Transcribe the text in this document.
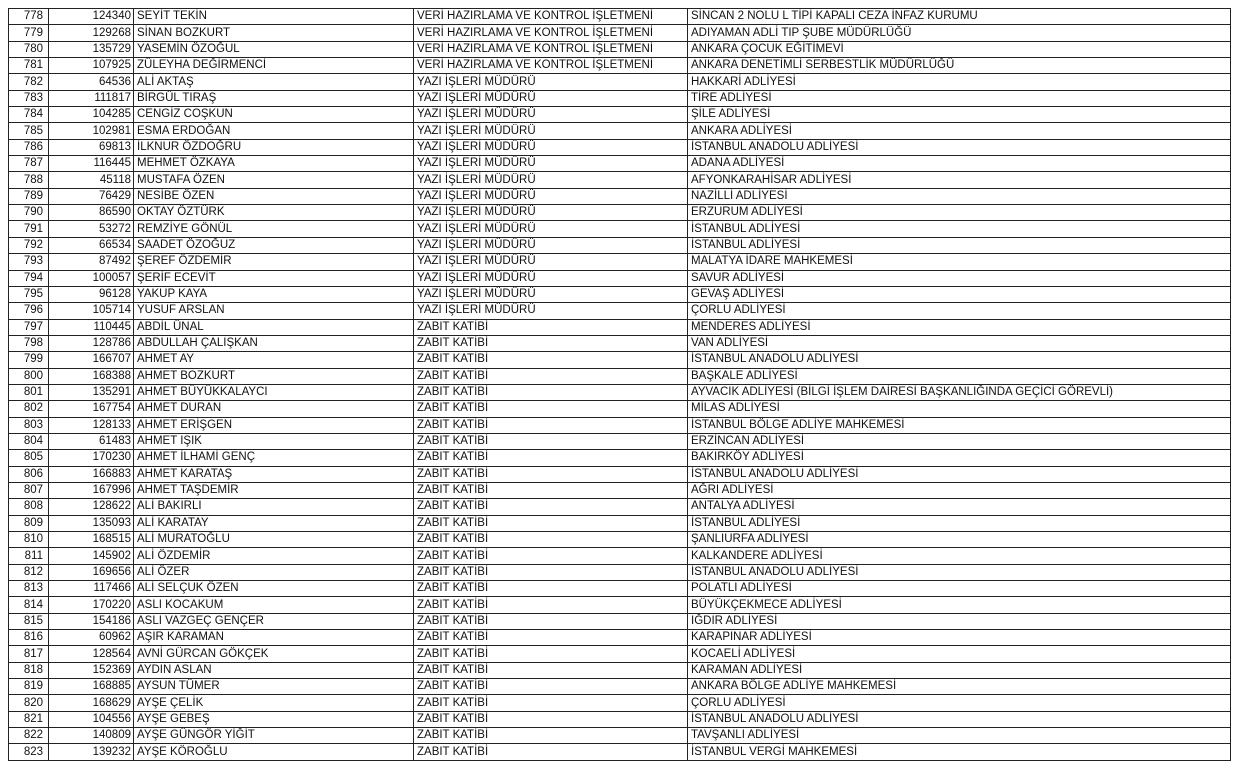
778	124340	SEYİT TEKİN	VERİ HAZIRLAMA VE KONTROL İŞLETMENİ	SİNCAN 2 NOLU L TİPİ KAPALI CEZA İNFAZ KURUMU
779	129268	SİNAN BOZKURT	VERİ HAZIRLAMA VE KONTROL İŞLETMENİ	ADIYAMAN ADLİ TIP ŞUBE MÜDÜRLÜĞÜ
780	135729	YASEMİN ÖZOĞUL	VERİ HAZIRLAMA VE KONTROL İŞLETMENİ	ANKARA ÇOCUK EĞİTİMEVİ
781	107925	ZÜLEYHA DEĞİRMENCİ	VERİ HAZIRLAMA VE KONTROL İŞLETMENİ	ANKARA DENETİMLİ SERBESTLİK MÜDÜRLÜĞÜ
782	64536	ALİ AKTAŞ	YAZI İŞLERİ MÜDÜRÜ	HAKKARİ ADLİYESİ
783	111817	BİRGÜL TIRAŞ	YAZI İŞLERİ MÜDÜRÜ	TİRE ADLİYESİ
784	104285	CENGİZ COŞKUN	YAZI İŞLERİ MÜDÜRÜ	ŞİLE ADLİYESİ
785	102981	ESMA ERDOĞAN	YAZI İŞLERİ MÜDÜRÜ	ANKARA ADLİYESİ
786	69813	İLKNUR ÖZDOĞRU	YAZI İŞLERİ MÜDÜRÜ	İSTANBUL ANADOLU ADLİYESİ
787	116445	MEHMET ÖZKAYA	YAZI İŞLERİ MÜDÜRÜ	ADANA ADLİYESİ
788	45118	MUSTAFA ÖZEN	YAZI İŞLERİ MÜDÜRÜ	AFYONKARAHİSAR ADLİYESİ
789	76429	NESİBE ÖZEN	YAZI İŞLERİ MÜDÜRÜ	NAZİLLİ ADLİYESİ
790	86590	OKTAY ÖZTÜRK	YAZI İŞLERİ MÜDÜRÜ	ERZURUM ADLİYESİ
791	53272	REMZİYE GÖNÜL	YAZI İŞLERİ MÜDÜRÜ	İSTANBUL ADLİYESİ
792	66534	SAADET ÖZOĞUZ	YAZI İŞLERİ MÜDÜRÜ	İSTANBUL ADLİYESİ
793	87492	ŞEREF ÖZDEMİR	YAZI İŞLERİ MÜDÜRÜ	MALATYA İDARE MAHKEMESİ
794	100057	ŞERİF ECEVİT	YAZI İŞLERİ MÜDÜRÜ	SAVUR ADLİYESİ
795	96128	YAKUP KAYA	YAZI İŞLERİ MÜDÜRÜ	GEVAŞ ADLİYESİ
796	105714	YUSUF ARSLAN	YAZI İŞLERİ MÜDÜRÜ	ÇORLU ADLİYESİ
797	110445	ABDİL ÜNAL	ZABIT KATİBİ	MENDERES ADLİYESİ
798	128786	ABDULLAH ÇALIŞKAN	ZABIT KATİBİ	VAN ADLİYESİ
799	166707	AHMET AY	ZABIT KATİBİ	İSTANBUL ANADOLU ADLİYESİ
800	168388	AHMET BOZKURT	ZABIT KATİBİ	BAŞKALE ADLİYESİ
801	135291	AHMET BÜYÜKKALAYCI	ZABIT KATİBİ	AYVACIK ADLİYESİ (BİLGİ İŞLEM DAİRESİ BAŞKANLIĞINDA GEÇİCİ GÖREVLİ)
802	167754	AHMET DURAN	ZABIT KATİBİ	MİLAS ADLİYESİ
803	128133	AHMET ERİŞGEN	ZABIT KATİBİ	İSTANBUL BÖLGE ADLİYE MAHKEMESİ
804	61483	AHMET IŞIK	ZABIT KATİBİ	ERZİNCAN ADLİYESİ
805	170230	AHMET İLHAMİ GENÇ	ZABIT KATİBİ	BAKIRKÖY ADLİYESİ
806	166883	AHMET KARATAŞ	ZABIT KATİBİ	İSTANBUL ANADOLU ADLİYESİ
807	167996	AHMET TAŞDEMİR	ZABIT KATİBİ	AĞRI ADLİYESİ
808	128622	ALİ BAKIRLI	ZABIT KATİBİ	ANTALYA ADLİYESİ
809	135093	ALİ KARATAY	ZABIT KATİBİ	İSTANBUL ADLİYESİ
810	168515	ALİ MURATOĞLU	ZABIT KATİBİ	ŞANLIURFA ADLİYESİ
811	145902	ALİ ÖZDEMİR	ZABIT KATİBİ	KALKANDERE ADLİYESİ
812	169656	ALİ ÖZER	ZABIT KATİBİ	İSTANBUL ANADOLU ADLİYESİ
813	117466	ALİ SELÇUK ÖZEN	ZABIT KATİBİ	POLATLI ADLİYESİ
814	170220	ASLI KOCAKUM	ZABIT KATİBİ	BÜYÜKÇEKMECE ADLİYESİ
815	154186	ASLI VAZGEÇ GENÇER	ZABIT KATİBİ	IĞDIR ADLİYESİ
816	60962	AŞIR KARAMAN	ZABIT KATİBİ	KARAPINAR ADLİYESİ
817	128564	AVNİ GÜRCAN GÖKÇEK	ZABIT KATİBİ	KOCAELİ ADLİYESİ
818	152369	AYDIN ASLAN	ZABIT KATİBİ	KARAMAN ADLİYESİ
819	168885	AYSUN TÜMER	ZABIT KATİBİ	ANKARA BÖLGE ADLİYE MAHKEMESİ
820	168629	AYŞE ÇELİK	ZABIT KATİBİ	ÇORLU ADLİYESİ
821	104556	AYŞE GEBEŞ	ZABIT KATİBİ	İSTANBUL ANADOLU ADLİYESİ
822	140809	AYŞE GÜNGÖR YİĞİT	ZABIT KATİBİ	TAVŞANLI ADLİYESİ
823	139232	AYŞE KÖROĞLU	ZABIT KATİBİ	İSTANBUL VERGİ MAHKEMESİ
